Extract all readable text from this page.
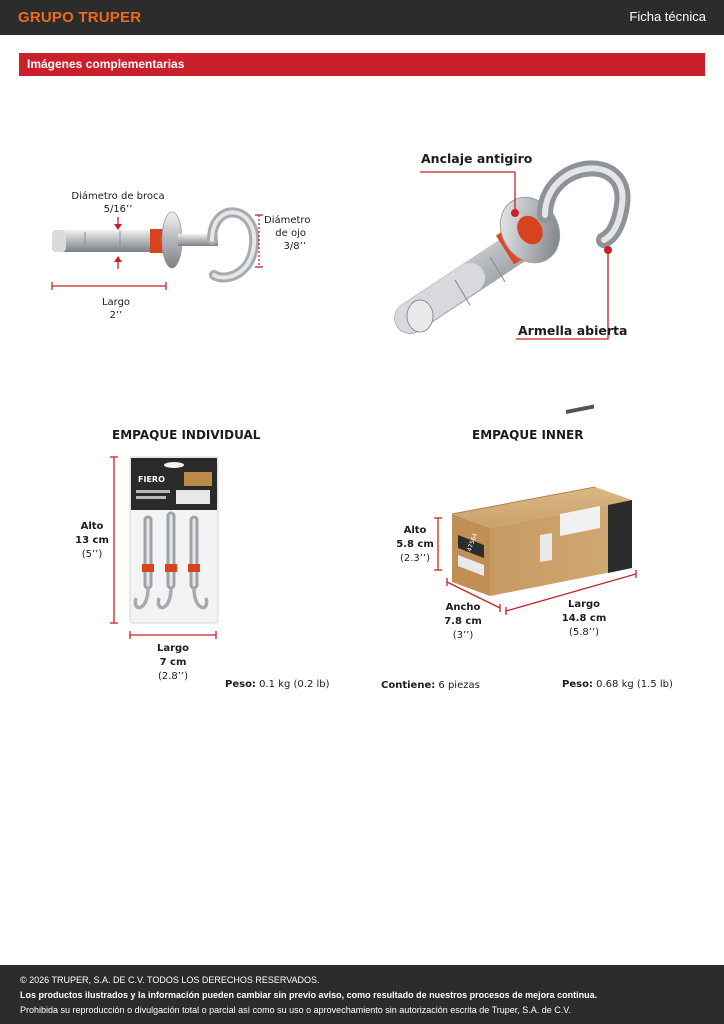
GRUPO TRUPER	Ficha técnica
Imágenes complementarias
Diámetro de broca
5/16’’
Diámetro
de ojo
3/8’’
Largo
2’’
Anclaje antigiro
Armella abierta
EMPAQUE INDIVIDUAL
Alto
13 cm
(5’’)
Largo
7 cm
(2.8’’)
Peso: 0.1 kg (0.2 lb)
FIERO
EMPAQUE INNER
Alto
5.8 cm
(2.3’’)
Ancho
7.8 cm
(3’’)
Largo
14.8 cm
(5.8’’)
Contiene: 6 piezas	Peso: 0.68 kg (1.5 lb)
47564
© 2026 TRUPER, S.A. DE C.V. TODOS LOS DERECHOS RESERVADOS.
Los productos ilustrados y la información pueden cambiar sin previo aviso, como resultado de nuestros procesos de mejora continua.
Prohibida su reproducción o divulgación total o parcial así como su uso o aprovechamiento sin autorización escrita de Truper, S.A. de C.V.
